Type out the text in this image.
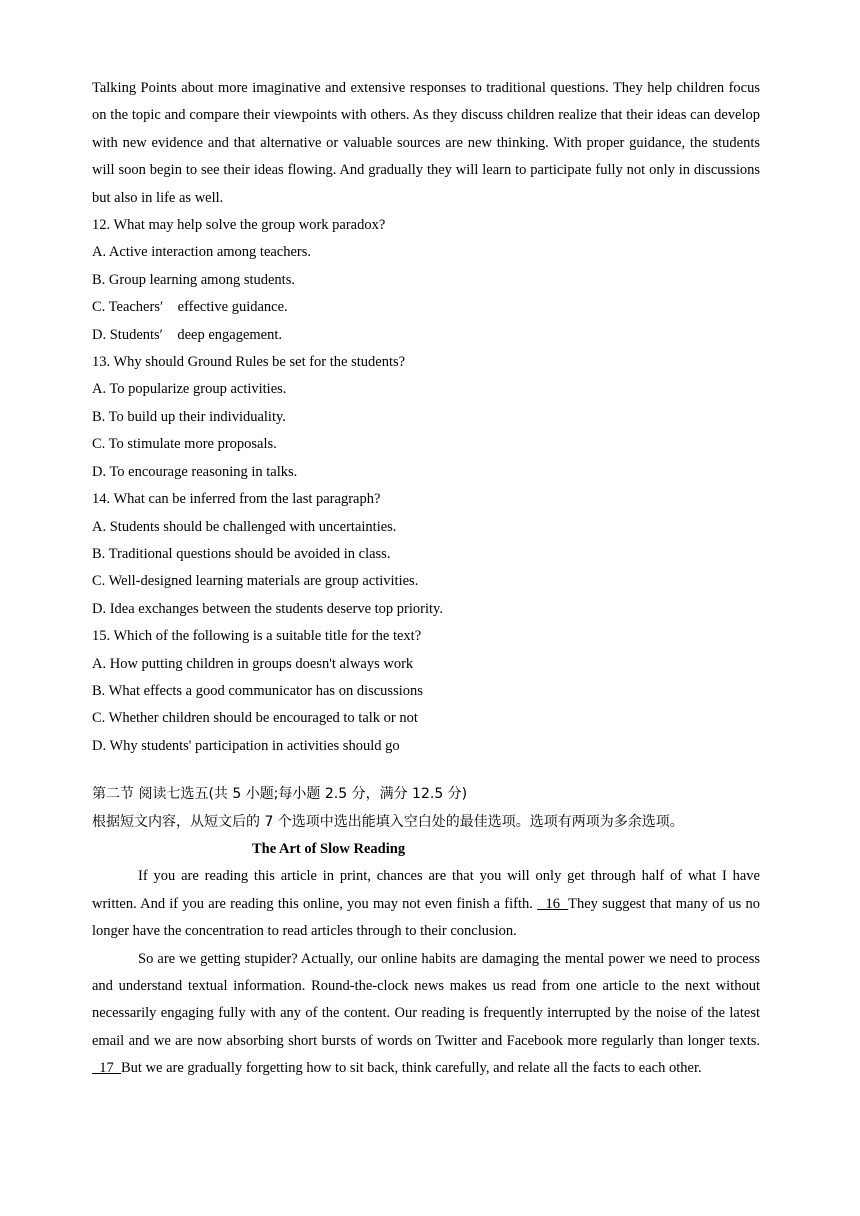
Talking Points about more imaginative and extensive responses to traditional questions. They help children focus on the topic and compare their viewpoints with others. As they discuss children realize that their ideas can develop with new evidence and that alternative or valuable sources are new thinking. With proper guidance, the students will soon begin to see their ideas flowing. And gradually they will learn to participate fully not only in discussions but also in life as well.

12. What may help solve the group work paradox?

A. Active interaction among teachers.

B. Group learning among students.

C. Teachers′　effective guidance.

D. Students′　deep engagement.

13. Why should Ground Rules be set for the students?

A. To popularize group activities.

B. To build up their individuality.

C. To stimulate more proposals.

D. To encourage reasoning in talks.

14. What can be inferred from the last paragraph?

A. Students should be challenged with uncertainties.

B. Traditional questions should be avoided in class.

C. Well-designed learning materials are group activities.

D. Idea exchanges between the students deserve top priority.

15. Which of the following is a suitable title for the text?

A. How putting children in groups doesn't always work

B. What effects a good communicator has on discussions

C. Whether children should be encouraged to talk or not

D. Why students' participation in activities should go

第二节 阅读七选五(共 5 小题;每小题 2.5 分，满分 12.5 分)

根据短文内容，从短文后的 7 个选项中选出能填入空白处的最佳选项。选项有两项为多余选项。

The Art of Slow Reading

If you are reading this article in print, chances are that you will only get through half of what I have written. And if you are reading this online, you may not even finish a fifth.   16  They suggest that many of us no longer have the concentration to read articles through to their conclusion.

So are we getting stupider? Actually, our online habits are damaging the mental power we need to process and understand textual information. Round-the-clock news makes us read from one article to the next without necessarily engaging fully with any of the content. Our reading is frequently interrupted by the noise of the latest email and we are now absorbing short bursts of words on Twitter and Facebook more regularly than longer texts.   17  But we are gradually forgetting how to sit back, think carefully, and relate all the facts to each other.
